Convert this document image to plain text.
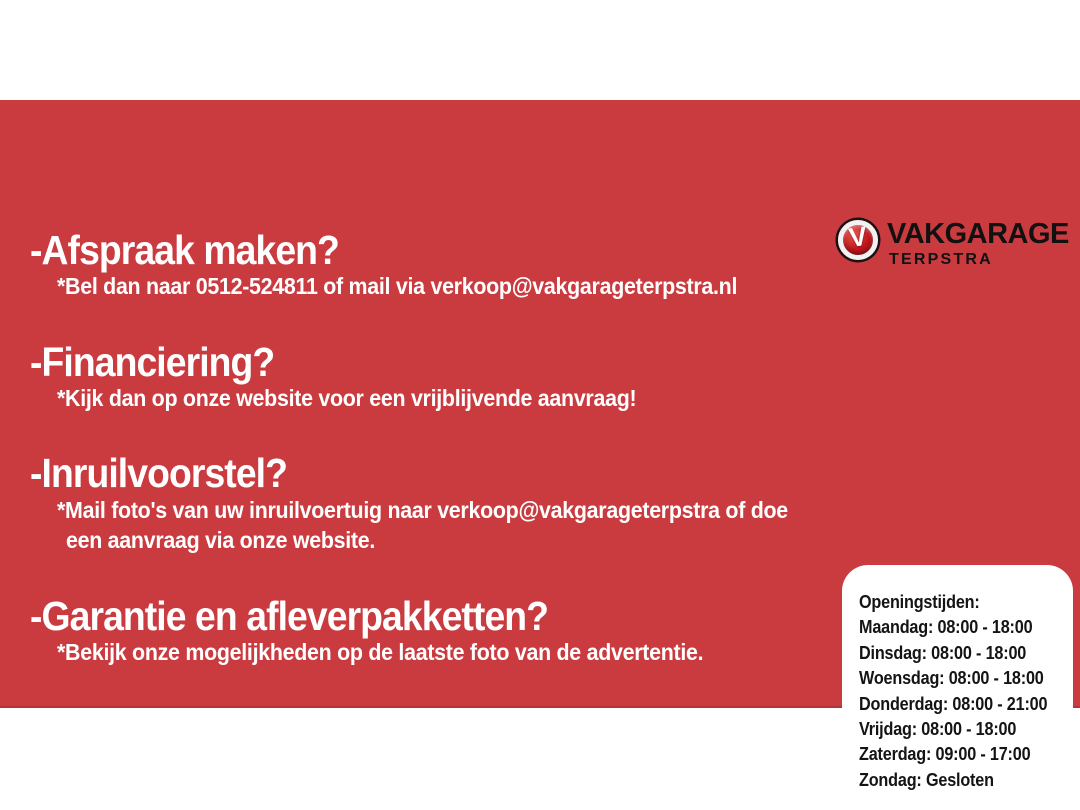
V VAKGARAGE
TERPSTRA
-Afspraak maken?
*Bel dan naar 0512-524811 of mail via verkoop@vakgarageterpstra.nl
-Financiering?
*Kijk dan op onze website voor een vrijblijvende aanvraag!
-Inruilvoorstel?
*Mail foto's van uw inruilvoertuig naar verkoop@vakgarageterpstra of doe
een aanvraag via onze website.
-Garantie en afleverpakketten?
*Bekijk onze mogelijkheden op de laatste foto van de advertentie.
-Bezoekadres?
*De Hemmen 17, 9206AS, Drachten (Friesland)
Openingstijden:
Maandag: 08:00 - 18:00
Dinsdag: 08:00 - 18:00
Woensdag: 08:00 - 18:00
Donderdag: 08:00 - 21:00
Vrijdag: 08:00 - 18:00
Zaterdag: 09:00 - 17:00
Zondag: Gesloten
